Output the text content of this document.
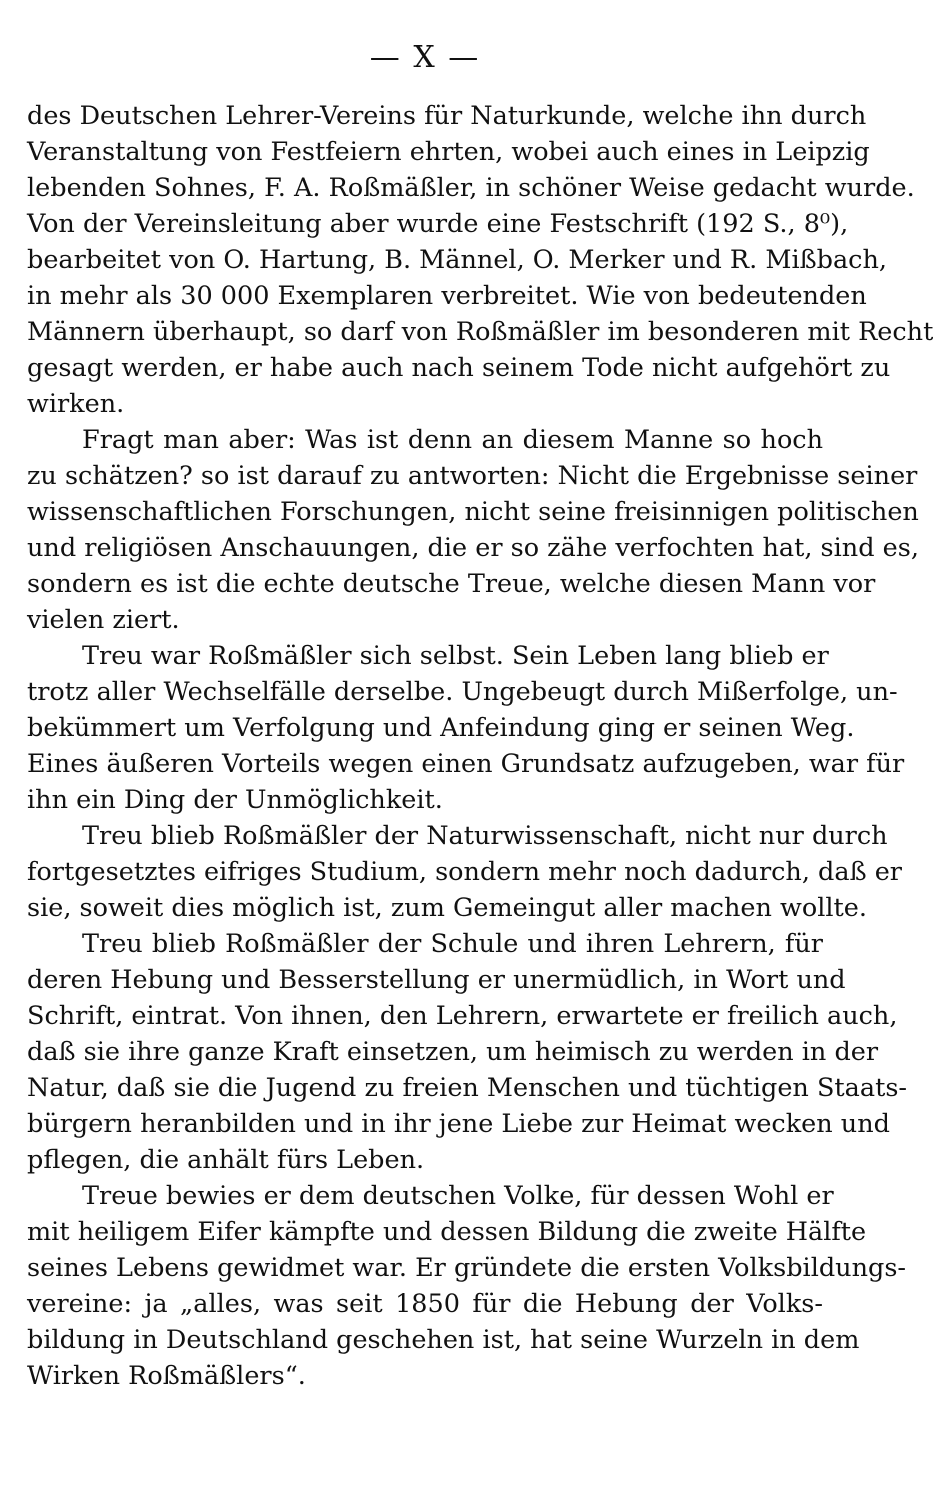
— X —
des Deutschen Lehrer-Vereins für Naturkunde, welche ihn durch
Veranstaltung von Festfeiern ehrten, wobei auch eines in Leipzig
lebenden Sohnes, F. A. Roßmäßler, in schöner Weise gedacht wurde.
Von der Vereinsleitung aber wurde eine Festschrift (192 S., 8⁰),
bearbeitet von O. Hartung, B. Männel, O. Merker und R. Mißbach,
in mehr als 30 000 Exemplaren verbreitet. Wie von bedeutenden
Männern überhaupt, so darf von Roßmäßler im besonderen mit Recht
gesagt werden, er habe auch nach seinem Tode nicht aufgehört zu
wirken.
Fragt man aber: Was ist denn an diesem Manne so hoch
zu schätzen? so ist darauf zu antworten: Nicht die Ergebnisse seiner
wissenschaftlichen Forschungen, nicht seine freisinnigen politischen
und religiösen Anschauungen, die er so zähe verfochten hat, sind es,
sondern es ist die echte deutsche Treue, welche diesen Mann vor
vielen ziert.
Treu war Roßmäßler sich selbst. Sein Leben lang blieb er
trotz aller Wechselfälle derselbe. Ungebeugt durch Mißerfolge, un-
bekümmert um Verfolgung und Anfeindung ging er seinen Weg.
Eines äußeren Vorteils wegen einen Grundsatz aufzugeben, war für
ihn ein Ding der Unmöglichkeit.
Treu blieb Roßmäßler der Naturwissenschaft, nicht nur durch
fortgesetztes eifriges Studium, sondern mehr noch dadurch, daß er
sie, soweit dies möglich ist, zum Gemeingut aller machen wollte.
Treu blieb Roßmäßler der Schule und ihren Lehrern, für
deren Hebung und Besserstellung er unermüdlich, in Wort und
Schrift, eintrat. Von ihnen, den Lehrern, erwartete er freilich auch,
daß sie ihre ganze Kraft einsetzen, um heimisch zu werden in der
Natur, daß sie die Jugend zu freien Menschen und tüchtigen Staats-
bürgern heranbilden und in ihr jene Liebe zur Heimat wecken und
pflegen, die anhält fürs Leben.
Treue bewies er dem deutschen Volke, für dessen Wohl er
mit heiligem Eifer kämpfte und dessen Bildung die zweite Hälfte
seines Lebens gewidmet war. Er gründete die ersten Volksbildungs-
vereine: ja „alles, was seit 1850 für die Hebung der Volks-
bildung in Deutschland geschehen ist, hat seine Wurzeln in dem
Wirken Roßmäßlers“.
